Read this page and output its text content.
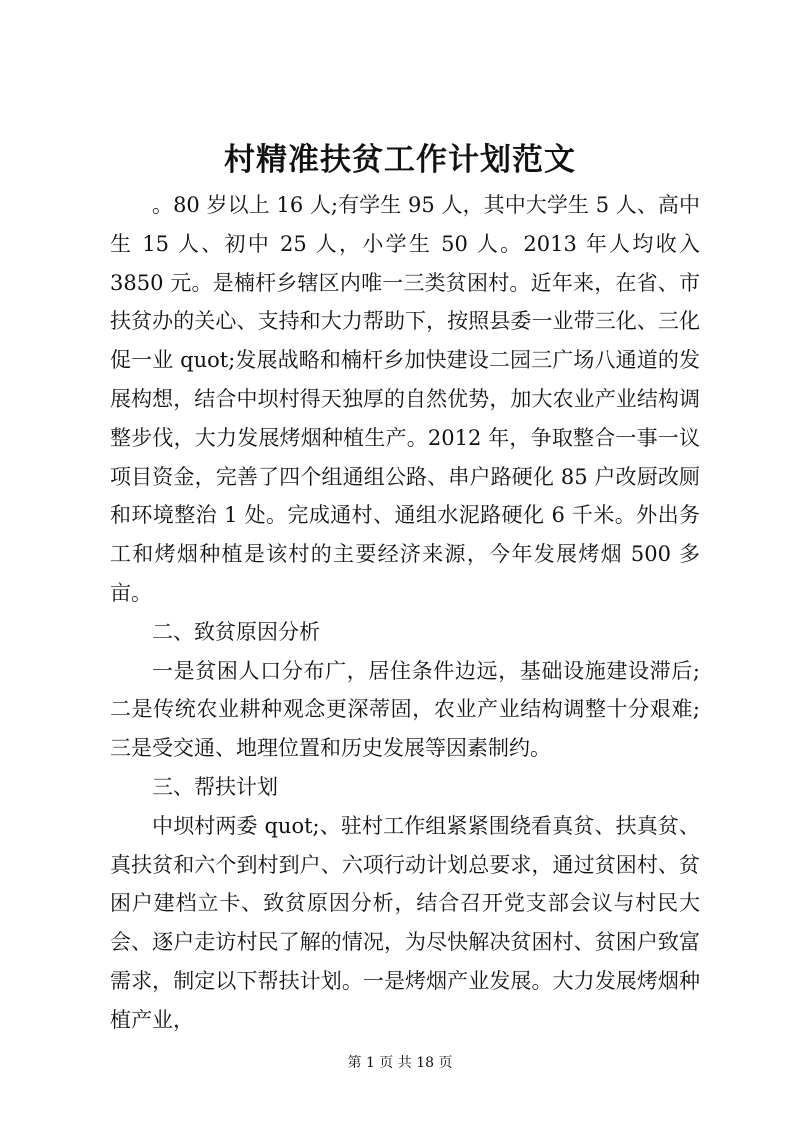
村精准扶贫工作计划范文

。80 岁以上 16 人;有学生 95 人，其中大学生 5 人、高中生 15 人、初中 25 人，小学生 50 人。2013 年人均收入 3850 元。是楠杆乡辖区内唯一三类贫困村。近年来，在省、市扶贫办的关心、支持和大力帮助下，按照县委一业带三化、三化促一业 quot;发展战略和楠杆乡加快建设二园三广场八通道的发展构想，结合中坝村得天独厚的自然优势，加大农业产业结构调整步伐，大力发展烤烟种植生产。2012 年，争取整合一事一议项目资金，完善了四个组通组公路、串户路硬化 85 户改厨改厕和环境整治 1 处。完成通村、通组水泥路硬化 6 千米。外出务工和烤烟种植是该村的主要经济来源，今年发展烤烟 500 多亩。

二、致贫原因分析

一是贫困人口分布广，居住条件边远，基础设施建设滞后;二是传统农业耕种观念更深蒂固，农业产业结构调整十分艰难;三是受交通、地理位置和历史发展等因素制约。

三、帮扶计划

中坝村两委 quot;、驻村工作组紧紧围绕看真贫、扶真贫、真扶贫和六个到村到户、六项行动计划总要求，通过贫困村、贫困户建档立卡、致贫原因分析，结合召开党支部会议与村民大会、逐户走访村民了解的情况，为尽快解决贫困村、贫困户致富需求，制定以下帮扶计划。一是烤烟产业发展。大力发展烤烟种植产业，

第 1 页 共 18 页
